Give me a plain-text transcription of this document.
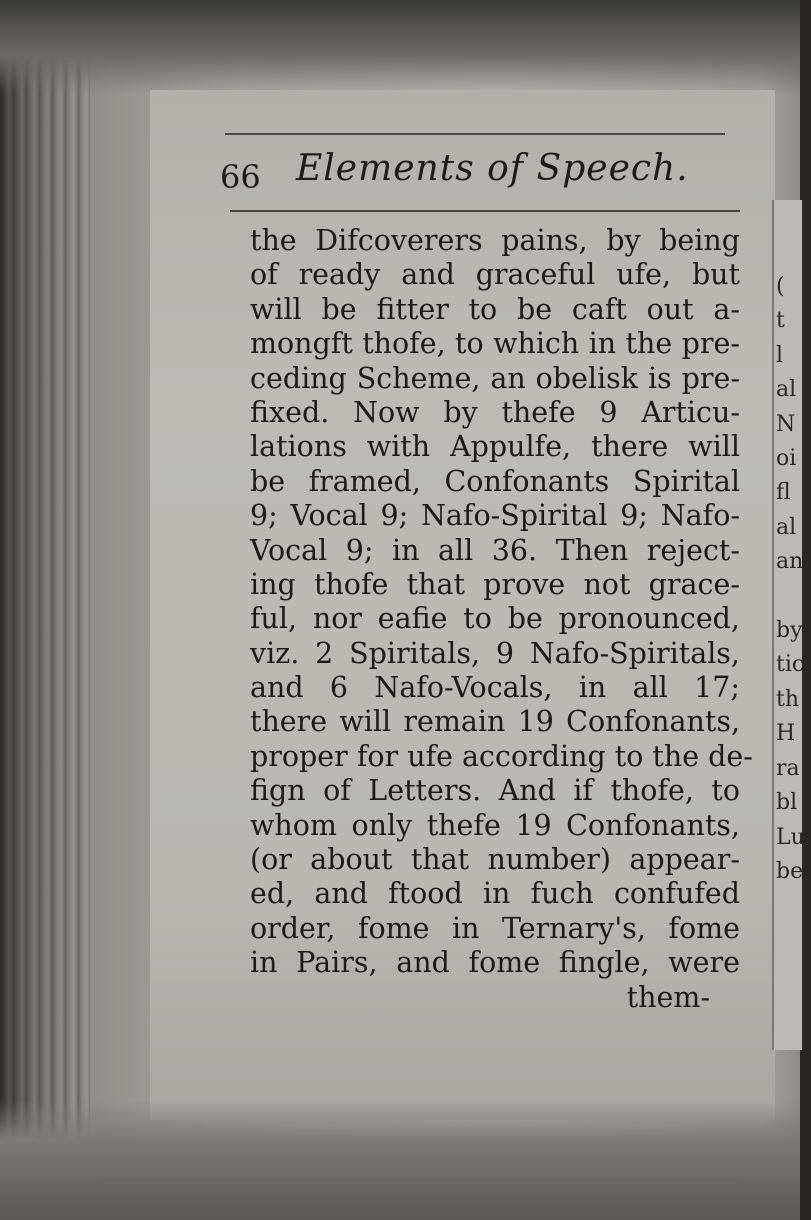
(
t
l
al
N
oi
fl
al
an

by
tic
th
H
ra
bl
Lu
bef
66 Elements of Speech.
the Difcoverers pains, by being
of ready and graceful ufe, but
will be fitter to be caft out a-
mongft thofe, to which in the pre-
ceding Scheme, an obelisk is pre-
fixed. Now by thefe 9 Articu-
lations with Appulfe, there will
be framed, Confonants Spirital
9; Vocal 9; Nafo-Spirital 9; Nafo-
Vocal 9; in all 36. Then reject-
ing thofe that prove not grace-
ful, nor eafie to be pronounced,
viz. 2 Spiritals, 9 Nafo-Spiritals,
and 6 Nafo-Vocals, in all 17;
there will remain 19 Confonants,
proper for ufe according to the de-
fign of Letters. And if thofe, to
whom only thefe 19 Confonants,
(or about that number) appear-
ed, and ftood in fuch confufed
order, fome in Ternary's, fome
in Pairs, and fome fingle, were
them-
